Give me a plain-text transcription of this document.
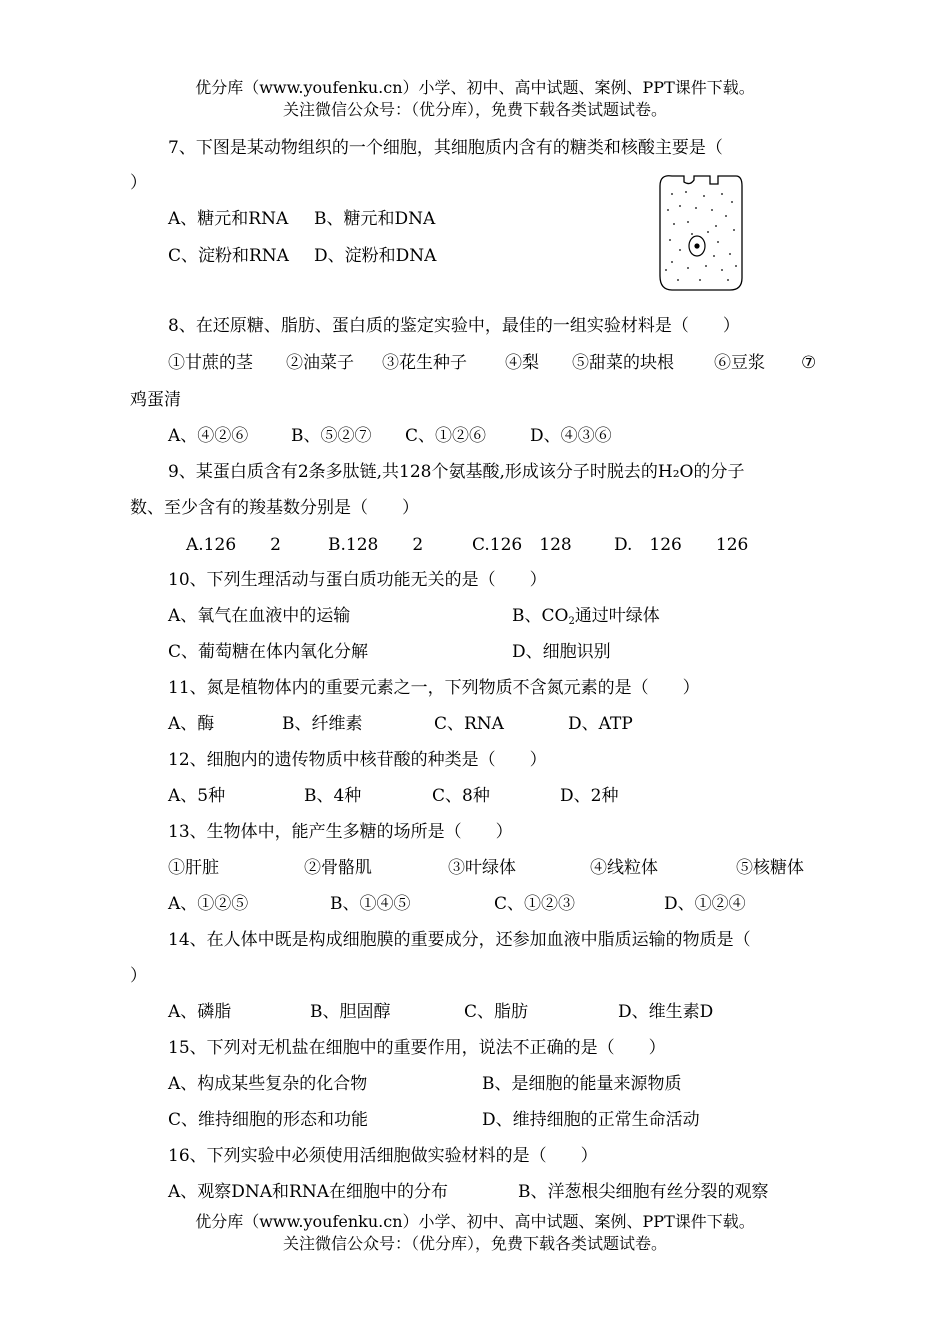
优分库（www.youfenku.cn）小学、初中、高中试题、案例、PPT课件下载。
关注微信公众号：（优分库），免费下载各类试题试卷。
7、下图是某动物组织的一个细胞，其细胞质内含有的糖类和核酸主要是（
）
A、糖元和RNA B、糖元和DNA
C、淀粉和RNA D、淀粉和DNA
8、在还原糖、脂肪、蛋白质的鉴定实验中，最佳的一组实验材料是（　　）
①甘蔗的茎 ②油菜子 ③花生种子 ④梨 ⑤甜菜的块根 ⑥豆浆 ⑦
鸡蛋清
A、④②⑥	B、⑤②⑦ C、①②⑥	D、④③⑥
9、某蛋白质含有2条多肽链,共128个氨基酸,形成该分子时脱去的H₂O的分子
数、至少含有的羧基数分别是（　　）
A.126　　2	B.128　　2	C.126　128 D.　126　　126
10、下列生理活动与蛋白质功能无关的是（　　）
A、氧气在血液中的运输	B、$CO_2$通过叶绿体
C、葡萄糖在体内氧化分解	D、细胞识别
11、氮是植物体内的重要元素之一，下列物质不含氮元素的是（　　）
A、酶	B、纤维素	C、RNA	D、ATP
12、细胞内的遗传物质中核苷酸的种类是（　　）
A、5种	B、4种	C、8种	D、2种
13、生物体中，能产生多糖的场所是（　　）
①肝脏	②骨骼肌	③叶绿体	④线粒体	⑤核糖体
A、①②⑤	B、①④⑤	C、①②③	D、①②④
14、在人体中既是构成细胞膜的重要成分，还参加血液中脂质运输的物质是（
）
A、磷脂	B、胆固醇	C、脂肪	D、维生素D
15、下列对无机盐在细胞中的重要作用，说法不正确的是（　　）
A、构成某些复杂的化合物	B、是细胞的能量来源物质
C、维持细胞的形态和功能	D、维持细胞的正常生命活动
16、下列实验中必须使用活细胞做实验材料的是（　　）
A、观察DNA和RNA在细胞中的分布	B、洋葱根尖细胞有丝分裂的观察
优分库（www.youfenku.cn）小学、初中、高中试题、案例、PPT课件下载。
关注微信公众号：（优分库），免费下载各类试题试卷。
